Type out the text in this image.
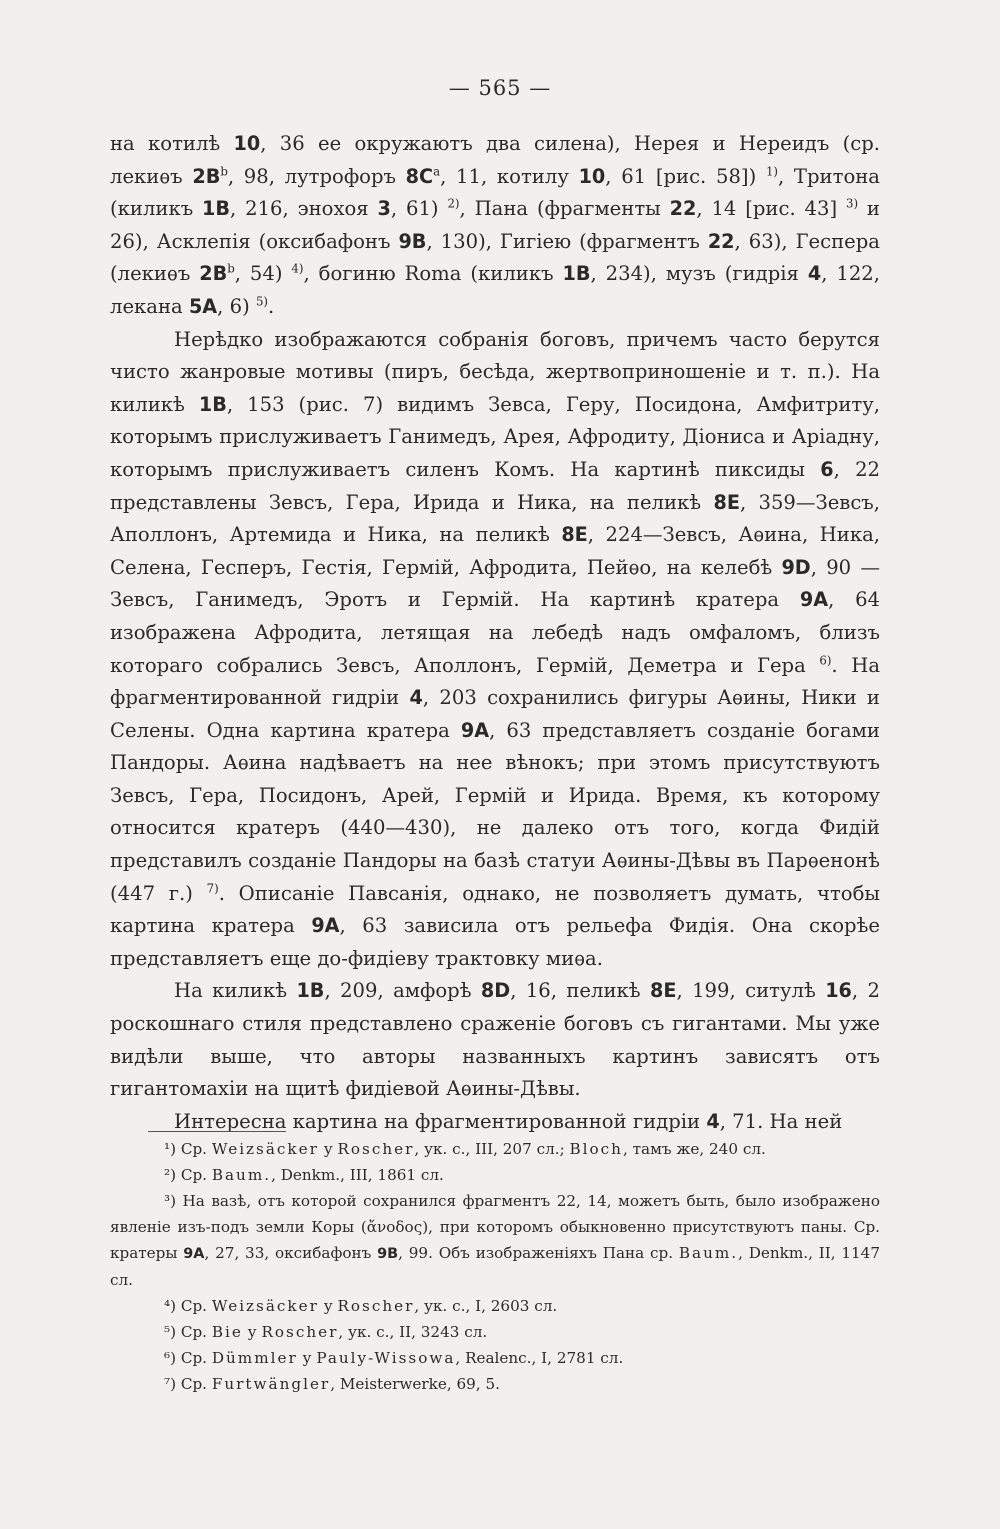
— 565 —

на котилѣ 10, 36 ее окружаютъ два силена), Нерея и Нереидъ (ср. лекиѳъ $2B^b$, 98, лутрофоръ $8C^a$, 11, котилу 10, 61 [рис. 58]) $^{1)}$, Тритона (киликъ 1B, 216, энохоя 3, 61) $^{2)}$, Пана (фрагменты 22, 14 [рис. 43] $^{3)}$ и 26), Асклепія (оксибафонъ 9B, 130), Гигіею (фрагментъ 22, 63), Геспера (лекиѳъ $2B^b$, 54) $^{4)}$, богиню Roma (киликъ 1B, 234), музъ (гидрія 4, 122, лекана 5A, 6) $^{5)}$.

Нерѣдко изображаются собранія боговъ, причемъ часто берутся чисто жанровые мотивы (пиръ, бесѣда, жертвоприношеніе и т. п.). На киликѣ 1B, 153 (рис. 7) видимъ Зевса, Геру, Посидона, Амфитриту, которымъ прислуживаетъ Ганимедъ, Арея, Афродиту, Діониса и Аріадну, которымъ прислуживаетъ силенъ Комъ. На картинѣ пиксиды 6, 22 представлены Зевсъ, Гера, Ирида и Ника, на пеликѣ 8E, 359—Зевсъ, Аполлонъ, Артемида и Ника, на пеликѣ 8E, 224—Зевсъ, Аѳина, Ника, Селена, Гесперъ, Гестія, Гермій, Афродита, Пейѳо, на келебѣ 9D, 90 —Зевсъ, Ганимедъ, Эротъ и Гермій. На картинѣ кратера 9A, 64 изображена Афродита, летящая на лебедѣ надъ омфаломъ, близъ котораго собрались Зевсъ, Аполлонъ, Гермій, Деметра и Гера $^{6)}$. На фрагментированной гидріи 4, 203 сохранились фигуры Аѳины, Ники и Селены. Одна картина кратера 9A, 63 представляетъ созданіе богами Пандоры. Аѳина надѣваетъ на нее вѣнокъ; при этомъ присутствуютъ Зевсъ, Гера, Посидонъ, Арей, Гермій и Ирида. Время, къ которому относится кратеръ (440—430), не далеко отъ того, когда Фидій представилъ созданіе Пандоры на базѣ статуи Аѳины-Дѣвы въ Парѳенонѣ (447 г.) $^{7)}$. Описаніе Павсанія, однако, не позволяетъ думать, чтобы картина кратера 9A, 63 зависила отъ рельефа Фидія. Она скорѣе представляетъ еще до-фидіеву трактовку миѳа.

На киликѣ 1B, 209, амфорѣ 8D, 16, пеликѣ 8E, 199, ситулѣ 16, 2 роскошнаго стиля представлено сраженіе боговъ съ гигантами. Мы уже видѣли выше, что авторы названныхъ картинъ зависятъ отъ гигантомахіи на щитѣ фидіевой Аѳины-Дѣвы.

Интересна картина на фрагментированной гидріи 4, 71. На ней

¹) Ср. Weizsäcker у Roscher, ук. с., III, 207 сл.; Bloch, тамъ же, 240 сл.

²) Ср. Baum., Denkm., III, 1861 сл.

³) На вазѣ, отъ которой сохранился фрагментъ 22, 14, можетъ быть, было изображено явленіе изъ-подъ земли Коры (ἄνοδος), при которомъ обыкновенно присутствуютъ паны. Ср. кратеры 9A, 27, 33, оксибафонъ 9B, 99. Объ изображеніяхъ Пана ср. Baum., Denkm., II, 1147 сл.

⁴) Ср. Weizsäcker у Roscher, ук. с., I, 2603 сл.

⁵) Ср. Bie у Roscher, ук. с., II, 3243 сл.

⁶) Ср. Dümmler у Pauly-Wissowa, Realenc., I, 2781 сл.

⁷) Ср. Furtwängler, Meisterwerke, 69, 5.
